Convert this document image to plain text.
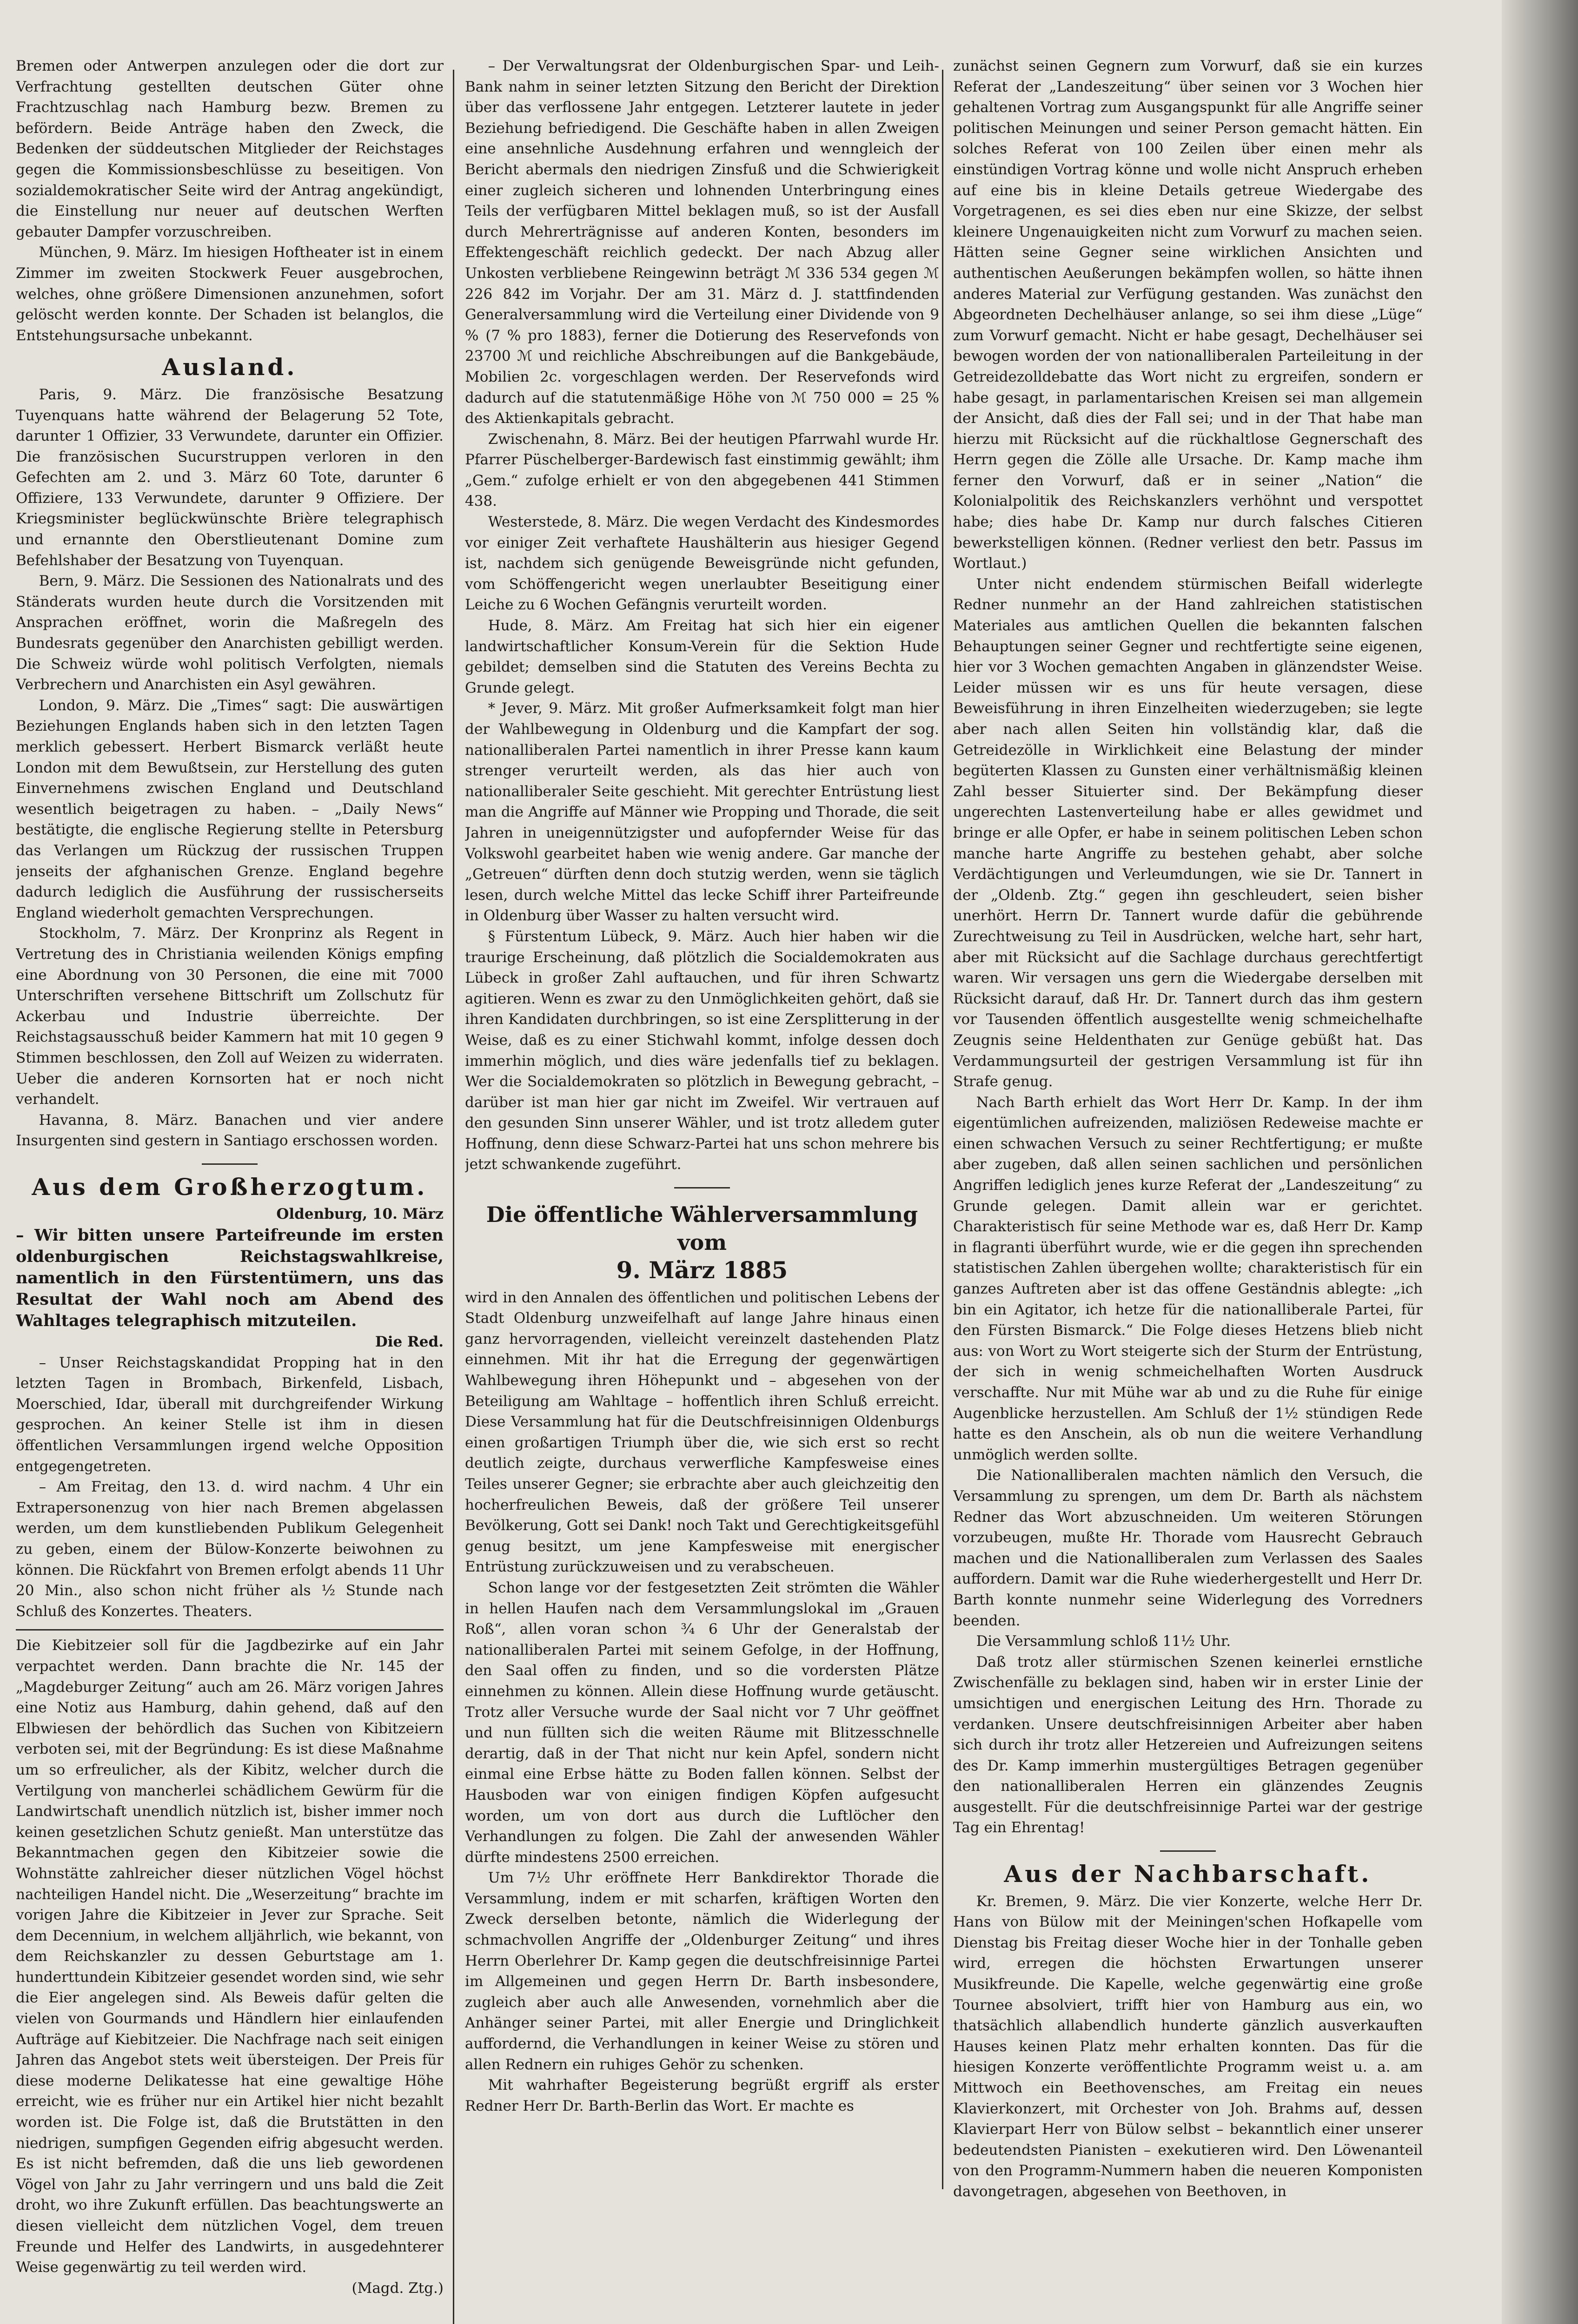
Bremen oder Antwerpen anzulegen oder die dort zur Verfrachtung gestellten deutschen Güter ohne Frachtzuschlag nach Hamburg bezw. Bremen zu befördern. Beide Anträge haben den Zweck, die Bedenken der süddeutschen Mitglieder der Reichstages gegen die Kommissionsbeschlüsse zu beseitigen. Von sozialdemokratischer Seite wird der Antrag angekündigt, die Einstellung nur neuer auf deutschen Werften gebauter Dampfer vorzuschreiben.

München, 9. März. Im hiesigen Hoftheater ist in einem Zimmer im zweiten Stockwerk Feuer ausgebrochen, welches, ohne größere Dimensionen anzunehmen, sofort gelöscht werden konnte. Der Schaden ist belanglos, die Entstehungsursache unbekannt.

Ausland.

Paris, 9. März. Die französische Besatzung Tuyenquans hatte während der Belagerung 52 Tote, darunter 1 Offizier, 33 Verwundete, darunter ein Offizier. Die französischen Sucurstruppen verloren in den Gefechten am 2. und 3. März 60 Tote, darunter 6 Offiziere, 133 Verwundete, darunter 9 Offiziere. Der Kriegsminister beglückwünschte Brière telegraphisch und ernannte den Oberstlieutenant Domine zum Befehlshaber der Besatzung von Tuyenquan.

Bern, 9. März. Die Sessionen des Nationalrats und des Ständerats wurden heute durch die Vorsitzenden mit Ansprachen eröffnet, worin die Maßregeln des Bundesrats gegenüber den Anarchisten gebilligt werden. Die Schweiz würde wohl politisch Verfolgten, niemals Verbrechern und Anarchisten ein Asyl gewähren.

London, 9. März. Die „Times“ sagt: Die auswärtigen Beziehungen Englands haben sich in den letzten Tagen merklich gebessert. Herbert Bismarck verläßt heute London mit dem Bewußtsein, zur Herstellung des guten Einvernehmens zwischen England und Deutschland wesentlich beigetragen zu haben. – „Daily News“ bestätigte, die englische Regierung stellte in Petersburg das Verlangen um Rückzug der russischen Truppen jenseits der afghanischen Grenze. England begehre dadurch lediglich die Ausführung der russischerseits England wiederholt gemachten Versprechungen.

Stockholm, 7. März. Der Kronprinz als Regent in Vertretung des in Christiania weilenden Königs empfing eine Abordnung von 30 Personen, die eine mit 7000 Unterschriften versehene Bittschrift um Zollschutz für Ackerbau und Industrie überreichte. Der Reichstagsausschuß beider Kammern hat mit 10 gegen 9 Stimmen beschlossen, den Zoll auf Weizen zu widerraten. Ueber die anderen Kornsorten hat er noch nicht verhandelt.

Havanna, 8. März. Banachen und vier andere Insurgenten sind gestern in Santiago erschossen worden.

Aus dem Großherzogtum.
Oldenburg, 10. März
– Wir bitten unsere Parteifreunde im ersten oldenburgischen Reichstagswahlkreise, namentlich in den Fürstentümern, uns das Resultat der Wahl noch am Abend des Wahltages telegraphisch mitzuteilen.
Die Red.

– Unser Reichstagskandidat Propping hat in den letzten Tagen in Brombach, Birkenfeld, Lisbach, Moerschied, Idar, überall mit durchgreifender Wirkung gesprochen. An keiner Stelle ist ihm in diesen öffentlichen Versammlungen irgend welche Opposition entgegengetreten.

– Am Freitag, den 13. d. wird nachm. 4 Uhr ein Extrapersonenzug von hier nach Bremen abgelassen werden, um dem kunstliebenden Publikum Gelegenheit zu geben, einem der Bülow-Konzerte beiwohnen zu können. Die Rückfahrt von Bremen erfolgt abends 11 Uhr 20 Min., also schon nicht früher als ½ Stunde nach Schluß des Konzertes. Theaters.

Die Kiebitzeier soll für die Jagdbezirke auf ein Jahr verpachtet werden. Dann brachte die Nr. 145 der „Magdeburger Zeitung“ auch am 26. März vorigen Jahres eine Notiz aus Hamburg, dahin gehend, daß auf den Elbwiesen der behördlich das Suchen von Kibitzeiern verboten sei, mit der Begründung: Es ist diese Maßnahme um so erfreulicher, als der Kibitz, welcher durch die Vertilgung von mancherlei schädlichem Gewürm für die Landwirtschaft unendlich nützlich ist, bisher immer noch keinen gesetzlichen Schutz genießt. Man unterstütze das Bekanntmachen gegen den Kibitzeier sowie die Wohnstätte zahlreicher dieser nützlichen Vögel höchst nachteiligen Handel nicht. Die „Weserzeitung“ brachte im vorigen Jahre die Kibitzeier in Jever zur Sprache. Seit dem Decennium, in welchem alljährlich, wie bekannt, von dem Reichskanzler zu dessen Geburtstage am 1. hunderttundein Kibitzeier gesendet worden sind, wie sehr die Eier angelegen sind. Als Beweis dafür gelten die vielen von Gourmands und Händlern hier einlaufenden Aufträge auf Kiebitzeier. Die Nachfrage nach seit einigen Jahren das Angebot stets weit übersteigen. Der Preis für diese moderne Delikatesse hat eine gewaltige Höhe erreicht, wie es früher nur ein Artikel hier nicht bezahlt worden ist. Die Folge ist, daß die Brutstätten in den niedrigen, sumpfigen Gegenden eifrig abgesucht werden. Es ist nicht befremden, daß die uns lieb gewordenen Vögel von Jahr zu Jahr verringern und uns bald die Zeit droht, wo ihre Zukunft erfüllen. Das beachtungswerte an diesen vielleicht dem nützlichen Vogel, dem treuen Freunde und Helfer des Landwirts, in ausgedehnterer Weise gegenwärtig zu teil werden wird.

(Magd. Ztg.)

– Der Verwaltungsrat der Oldenburgischen Spar- und Leih-Bank nahm in seiner letzten Sitzung den Bericht der Direktion über das verflossene Jahr entgegen. Letzterer lautete in jeder Beziehung befriedigend. Die Geschäfte haben in allen Zweigen eine ansehnliche Ausdehnung erfahren und wenngleich der Bericht abermals den niedrigen Zinsfuß und die Schwierigkeit einer zugleich sicheren und lohnenden Unterbringung eines Teils der verfügbaren Mittel beklagen muß, so ist der Ausfall durch Mehrerträgnisse auf anderen Konten, besonders im Effektengeschäft reichlich gedeckt. Der nach Abzug aller Unkosten verbliebene Reingewinn beträgt ℳ 336 534 gegen ℳ 226 842 im Vorjahr. Der am 31. März d. J. stattfindenden Generalversammlung wird die Verteilung einer Dividende von 9 % (7 % pro 1883), ferner die Dotierung des Reservefonds von 23700 ℳ und reichliche Abschreibungen auf die Bankgebäude, Mobilien 2c. vorgeschlagen werden. Der Reservefonds wird dadurch auf die statutenmäßige Höhe von ℳ 750 000 = 25 % des Aktienkapitals gebracht.

Zwischenahn, 8. März. Bei der heutigen Pfarrwahl wurde Hr. Pfarrer Püschelberger-Bardewisch fast einstimmig gewählt; ihm „Gem.“ zufolge erhielt er von den abgegebenen 441 Stimmen 438.

Westerstede, 8. März. Die wegen Verdacht des Kindesmordes vor einiger Zeit verhaftete Haushälterin aus hiesiger Gegend ist, nachdem sich genügende Beweisgründe nicht gefunden, vom Schöffengericht wegen unerlaubter Beseitigung einer Leiche zu 6 Wochen Gefängnis verurteilt worden.

Hude, 8. März. Am Freitag hat sich hier ein eigener landwirtschaftlicher Konsum-Verein für die Sektion Hude gebildet; demselben sind die Statuten des Vereins Bechta zu Grunde gelegt.

* Jever, 9. März. Mit großer Aufmerksamkeit folgt man hier der Wahlbewegung in Oldenburg und die Kampfart der sog. nationalliberalen Partei namentlich in ihrer Presse kann kaum strenger verurteilt werden, als das hier auch von nationalliberaler Seite geschieht. Mit gerechter Entrüstung liest man die Angriffe auf Männer wie Propping und Thorade, die seit Jahren in uneigennützigster und aufopfernder Weise für das Volkswohl gearbeitet haben wie wenig andere. Gar manche der „Getreuen“ dürften denn doch stutzig werden, wenn sie täglich lesen, durch welche Mittel das lecke Schiff ihrer Parteifreunde in Oldenburg über Wasser zu halten versucht wird.

§ Fürstentum Lübeck, 9. März. Auch hier haben wir die traurige Erscheinung, daß plötzlich die Socialdemokraten aus Lübeck in großer Zahl auftauchen, und für ihren Schwartz agitieren. Wenn es zwar zu den Unmöglichkeiten gehört, daß sie ihren Kandidaten durchbringen, so ist eine Zersplitterung in der Weise, daß es zu einer Stichwahl kommt, infolge dessen doch immerhin möglich, und dies wäre jedenfalls tief zu beklagen. Wer die Socialdemokraten so plötzlich in Bewegung gebracht, – darüber ist man hier gar nicht im Zweifel. Wir vertrauen auf den gesunden Sinn unserer Wähler, und ist trotz alledem guter Hoffnung, denn diese Schwarz-Partei hat uns schon mehrere bis jetzt schwankende zugeführt.

Die öffentliche Wählerversammlung vom
9. März 1885

wird in den Annalen des öffentlichen und politischen Lebens der Stadt Oldenburg unzweifelhaft auf lange Jahre hinaus einen ganz hervorragenden, vielleicht vereinzelt dastehenden Platz einnehmen. Mit ihr hat die Erregung der gegenwärtigen Wahlbewegung ihren Höhepunkt und – abgesehen von der Beteiligung am Wahltage – hoffentlich ihren Schluß erreicht. Diese Versammlung hat für die Deutschfreisinnigen Oldenburgs einen großartigen Triumph über die, wie sich erst so recht deutlich zeigte, durchaus verwerfliche Kampfesweise eines Teiles unserer Gegner; sie erbrachte aber auch gleichzeitig den hocherfreulichen Beweis, daß der größere Teil unserer Bevölkerung, Gott sei Dank! noch Takt und Gerechtigkeitsgefühl genug besitzt, um jene Kampfesweise mit energischer Entrüstung zurückzuweisen und zu verabscheuen.

Schon lange vor der festgesetzten Zeit strömten die Wähler in hellen Haufen nach dem Versammlungslokal im „Grauen Roß“, allen voran schon ¾ 6 Uhr der Generalstab der nationalliberalen Partei mit seinem Gefolge, in der Hoffnung, den Saal offen zu finden, und so die vordersten Plätze einnehmen zu können. Allein diese Hoffnung wurde getäuscht. Trotz aller Versuche wurde der Saal nicht vor 7 Uhr geöffnet und nun füllten sich die weiten Räume mit Blitzesschnelle derartig, daß in der That nicht nur kein Apfel, sondern nicht einmal eine Erbse hätte zu Boden fallen können. Selbst der Hausboden war von einigen findigen Köpfen aufgesucht worden, um von dort aus durch die Luftlöcher den Verhandlungen zu folgen. Die Zahl der anwesenden Wähler dürfte mindestens 2500 erreichen.

Um 7½ Uhr eröffnete Herr Bankdirektor Thorade die Versammlung, indem er mit scharfen, kräftigen Worten den Zweck derselben betonte, nämlich die Widerlegung der schmachvollen Angriffe der „Oldenburger Zeitung“ und ihres Herrn Oberlehrer Dr. Kamp gegen die deutschfreisinnige Partei im Allgemeinen und gegen Herrn Dr. Barth insbesondere, zugleich aber auch alle Anwesenden, vornehmlich aber die Anhänger seiner Partei, mit aller Energie und Dringlichkeit auffordernd, die Verhandlungen in keiner Weise zu stören und allen Rednern ein ruhiges Gehör zu schenken.

Mit wahrhafter Begeisterung begrüßt ergriff als erster Redner Herr Dr. Barth-Berlin das Wort. Er machte es

zunächst seinen Gegnern zum Vorwurf, daß sie ein kurzes Referat der „Landeszeitung“ über seinen vor 3 Wochen hier gehaltenen Vortrag zum Ausgangspunkt für alle Angriffe seiner politischen Meinungen und seiner Person gemacht hätten. Ein solches Referat von 100 Zeilen über einen mehr als einstündigen Vortrag könne und wolle nicht Anspruch erheben auf eine bis in kleine Details getreue Wiedergabe des Vorgetragenen, es sei dies eben nur eine Skizze, der selbst kleinere Ungenauigkeiten nicht zum Vorwurf zu machen seien. Hätten seine Gegner seine wirklichen Ansichten und authentischen Aeußerungen bekämpfen wollen, so hätte ihnen anderes Material zur Verfügung gestanden. Was zunächst den Abgeordneten Dechelhäuser anlange, so sei ihm diese „Lüge“ zum Vorwurf gemacht. Nicht er habe gesagt, Dechelhäuser sei bewogen worden der von nationalliberalen Parteileitung in der Getreidezolldebatte das Wort nicht zu ergreifen, sondern er habe gesagt, in parlamentarischen Kreisen sei man allgemein der Ansicht, daß dies der Fall sei; und in der That habe man hierzu mit Rücksicht auf die rückhaltlose Gegnerschaft des Herrn gegen die Zölle alle Ursache. Dr. Kamp mache ihm ferner den Vorwurf, daß er in seiner „Nation“ die Kolonialpolitik des Reichskanzlers verhöhnt und verspottet habe; dies habe Dr. Kamp nur durch falsches Citieren bewerkstelligen können. (Redner verliest den betr. Passus im Wortlaut.)

Unter nicht endendem stürmischen Beifall widerlegte Redner nunmehr an der Hand zahlreichen statistischen Materiales aus amtlichen Quellen die bekannten falschen Behauptungen seiner Gegner und rechtfertigte seine eigenen, hier vor 3 Wochen gemachten Angaben in glänzendster Weise. Leider müssen wir es uns für heute versagen, diese Beweisführung in ihren Einzelheiten wiederzugeben; sie legte aber nach allen Seiten hin vollständig klar, daß die Getreidezölle in Wirklichkeit eine Belastung der minder begüterten Klassen zu Gunsten einer verhältnismäßig kleinen Zahl besser Situierter sind. Der Bekämpfung dieser ungerechten Lastenverteilung habe er alles gewidmet und bringe er alle Opfer, er habe in seinem politischen Leben schon manche harte Angriffe zu bestehen gehabt, aber solche Verdächtigungen und Verleumdungen, wie sie Dr. Tannert in der „Oldenb. Ztg.“ gegen ihn geschleudert, seien bisher unerhört. Herrn Dr. Tannert wurde dafür die gebührende Zurechtweisung zu Teil in Ausdrücken, welche hart, sehr hart, aber mit Rücksicht auf die Sachlage durchaus gerechtfertigt waren. Wir versagen uns gern die Wiedergabe derselben mit Rücksicht darauf, daß Hr. Dr. Tannert durch das ihm gestern vor Tausenden öffentlich ausgestellte wenig schmeichelhafte Zeugnis seine Heldenthaten zur Genüge gebüßt hat. Das Verdammungsurteil der gestrigen Versammlung ist für ihn Strafe genug.

Nach Barth erhielt das Wort Herr Dr. Kamp. In der ihm eigentümlichen aufreizenden, maliziösen Redeweise machte er einen schwachen Versuch zu seiner Rechtfertigung; er mußte aber zugeben, daß allen seinen sachlichen und persönlichen Angriffen lediglich jenes kurze Referat der „Landeszeitung“ zu Grunde gelegen. Damit allein war er gerichtet. Charakteristisch für seine Methode war es, daß Herr Dr. Kamp in flagranti überführt wurde, wie er die gegen ihn sprechenden statistischen Zahlen übergehen wollte; charakteristisch für ein ganzes Auftreten aber ist das offene Geständnis ablegte: „ich bin ein Agitator, ich hetze für die nationalliberale Partei, für den Fürsten Bismarck.“ Die Folge dieses Hetzens blieb nicht aus: von Wort zu Wort steigerte sich der Sturm der Entrüstung, der sich in wenig schmeichelhaften Worten Ausdruck verschaffte. Nur mit Mühe war ab und zu die Ruhe für einige Augenblicke herzustellen. Am Schluß der 1½ stündigen Rede hatte es den Anschein, als ob nun die weitere Verhandlung unmöglich werden sollte.

Die Nationalliberalen machten nämlich den Versuch, die Versammlung zu sprengen, um dem Dr. Barth als nächstem Redner das Wort abzuschneiden. Um weiteren Störungen vorzubeugen, mußte Hr. Thorade vom Hausrecht Gebrauch machen und die Nationalliberalen zum Verlassen des Saales auffordern. Damit war die Ruhe wiederhergestellt und Herr Dr. Barth konnte nunmehr seine Widerlegung des Vorredners beenden.

Die Versammlung schloß 11½ Uhr.

Daß trotz aller stürmischen Szenen keinerlei ernstliche Zwischenfälle zu beklagen sind, haben wir in erster Linie der umsichtigen und energischen Leitung des Hrn. Thorade zu verdanken. Unsere deutschfreisinnigen Arbeiter aber haben sich durch ihr trotz aller Hetzereien und Aufreizungen seitens des Dr. Kamp immerhin mustergültiges Betragen gegenüber den nationalliberalen Herren ein glänzendes Zeugnis ausgestellt. Für die deutschfreisinnige Partei war der gestrige Tag ein Ehrentag!

Aus der Nachbarschaft.

Kr. Bremen, 9. März. Die vier Konzerte, welche Herr Dr. Hans von Bülow mit der Meiningen'schen Hofkapelle vom Dienstag bis Freitag dieser Woche hier in der Tonhalle geben wird, erregen die höchsten Erwartungen unserer Musikfreunde. Die Kapelle, welche gegenwärtig eine große Tournee absolviert, trifft hier von Hamburg aus ein, wo thatsächlich allabendlich hunderte gänzlich ausverkauften Hauses keinen Platz mehr erhalten konnten. Das für die hiesigen Konzerte veröffentlichte Programm weist u. a. am Mittwoch ein Beethovensches, am Freitag ein neues Klavierkonzert, mit Orchester von Joh. Brahms auf, dessen Klavierpart Herr von Bülow selbst – bekanntlich einer unserer bedeutendsten Pianisten – exekutieren wird. Den Löwenanteil von den Programm-Nummern haben die neueren Komponisten davongetragen, abgesehen von Beethoven, in
